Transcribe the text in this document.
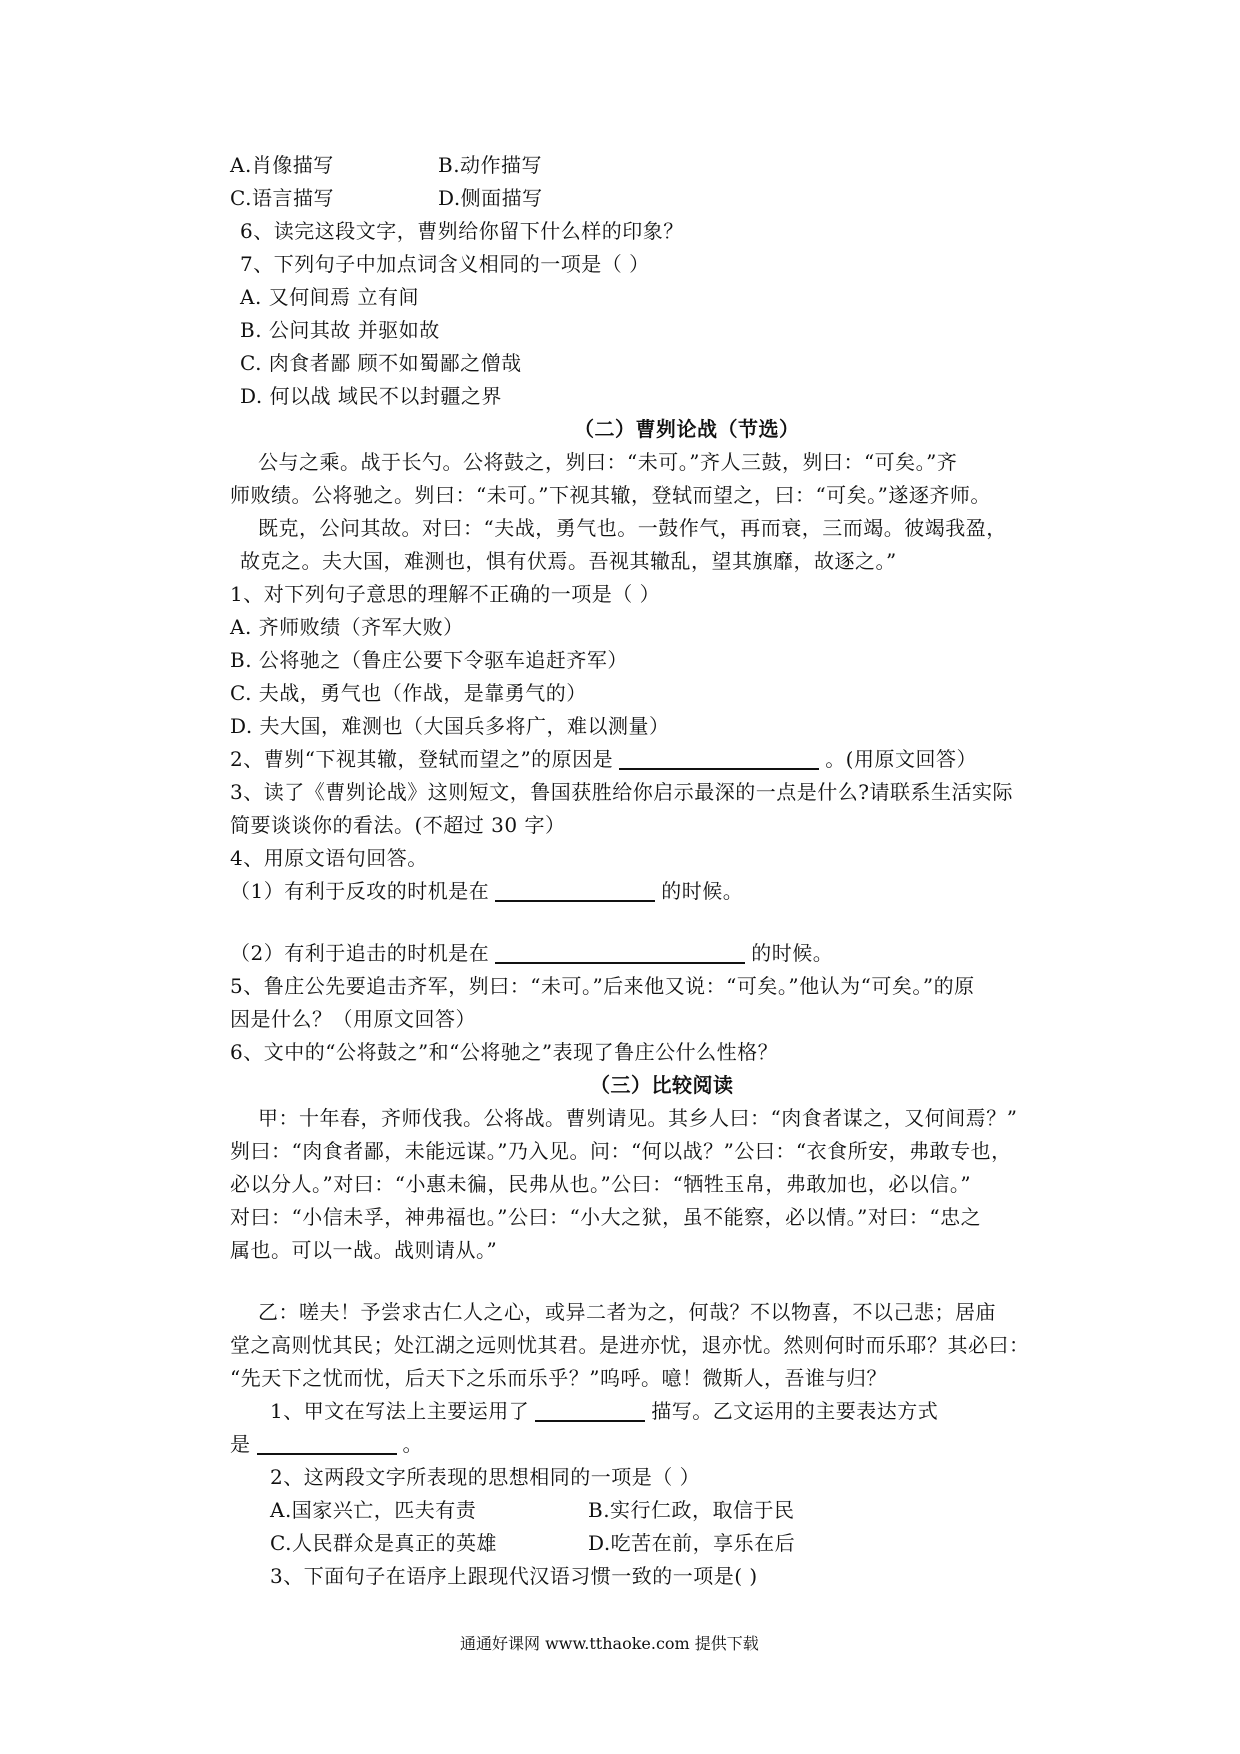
A.肖像描写	B.动作描写
C.语言描写	D.侧面描写
6、读完这段文字，曹刿给你留下什么样的印象？
7、下列句子中加点词含义相同的一项是（ ）
A. 又何间焉 立有间
B. 公问其故 并驱如故
C. 肉食者鄙 顾不如蜀鄙之僧哉
D. 何以战 域民不以封疆之界
（二）曹刿论战（节选）
公与之乘。战于长勺。公将鼓之，刿曰：“未可。”齐人三鼓，刿曰：“可矣。”齐
师败绩。公将驰之。刿曰：“未可。”下视其辙，登轼而望之，曰：“可矣。”遂逐齐师。
既克，公问其故。对曰：“夫战，勇气也。一鼓作气，再而衰，三而竭。彼竭我盈，
故克之。夫大国，难测也，惧有伏焉。吾视其辙乱，望其旗靡，故逐之。”
1、对下列句子意思的理解不正确的一项是（ ）
A. 齐师败绩（齐军大败）
B. 公将驰之（鲁庄公要下令驱车追赶齐军）
C. 夫战，勇气也（作战，是靠勇气的）
D. 夫大国，难测也（大国兵多将广，难以测量）
2、曹刿“下视其辙，登轼而望之”的原因是	。(用原文回答）
3、读了《曹刿论战》这则短文，鲁国获胜给你启示最深的一点是什么?请联系生活实际
简要谈谈你的看法。(不超过 30 字）
4、用原文语句回答。
（1）有利于反攻的时机是在	的时候。
（2）有利于追击的时机是在	的时候。
5、鲁庄公先要追击齐军，刿曰：“未可。”后来他又说：“可矣。”他认为“可矣。”的原
因是什么？（用原文回答）
6、文中的“公将鼓之”和“公将驰之”表现了鲁庄公什么性格？
（三）比较阅读
甲：十年春，齐师伐我。公将战。曹刿请见。其乡人曰：“肉食者谋之，又何间焉？”
刿曰：“肉食者鄙，未能远谋。”乃入见。问：“何以战？”公曰：“衣食所安，弗敢专也，
必以分人。”对曰：“小惠未徧，民弗从也。”公曰：“牺牲玉帛，弗敢加也，必以信。”
对曰：“小信未孚，神弗福也。”公曰：“小大之狱，虽不能察，必以情。”对曰：“忠之
属也。可以一战。战则请从。”
乙：嗟夫！予尝求古仁人之心，或异二者为之，何哉？不以物喜，不以己悲；居庙
堂之高则忧其民；处江湖之远则忧其君。是进亦忧，退亦忧。然则何时而乐耶？其必曰：
“先天下之忧而忧，后天下之乐而乐乎？”呜呼。噫！微斯人，吾谁与归？
1、甲文在写法上主要运用了	描写。乙文运用的主要表达方式
是	。
2、这两段文字所表现的思想相同的一项是（ ）
A.国家兴亡，匹夫有责	B.实行仁政，取信于民
C.人民群众是真正的英雄	D.吃苦在前，享乐在后
3、下面句子在语序上跟现代汉语习惯一致的一项是( )
通通好课网 www.tthaoke.com 提供下载
